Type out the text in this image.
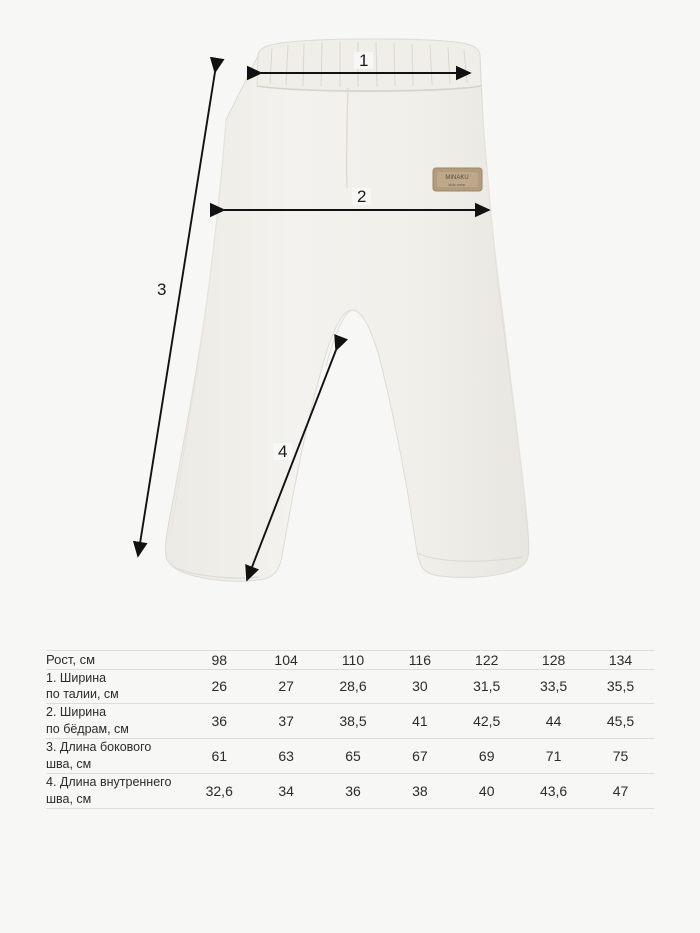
MINAKU
kids wear
1
2
3
4
Рост, см	98	104	110	116	122	128	134
1. Ширина
по талии, см	26	27	28,6	30	31,5	33,5	35,5
2. Ширина
по бёдрам, см	36	37	38,5	41	42,5	44	45,5
3. Длина бокового
шва, см	61	63	65	67	69	71	75
4. Длина внутреннего
шва, см	32,6	34	36	38	40	43,6	47
